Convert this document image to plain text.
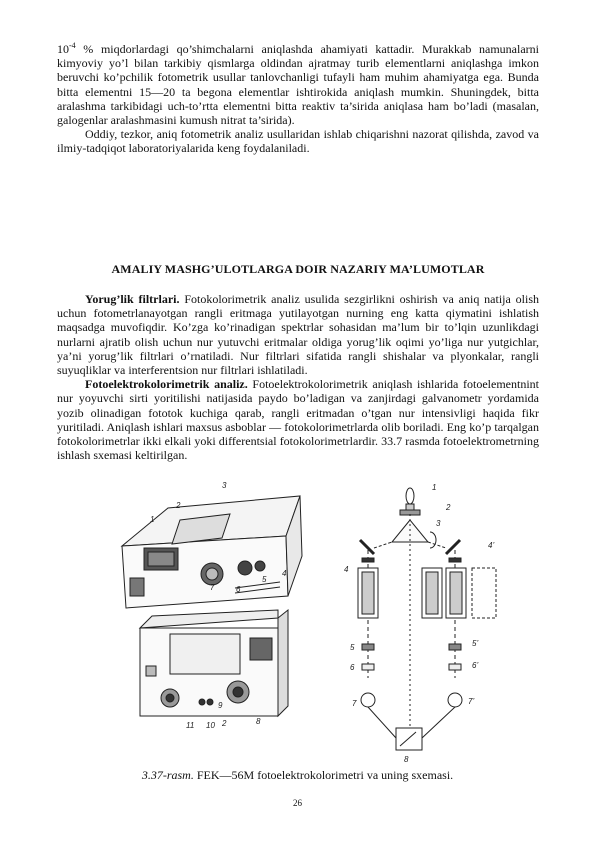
$10^{-4}$ % miqdorlardagi qo’shimchalarni aniqlashda ahamiyati kattadir. Murakkab namunalarni kimyoviy yo’l bilan tarkibiy qismlarga oldindan ajratmay turib elementlarni aniqlashga imkon beruvchi ko’pchilik fotometrik usullar tanlovchanligi tufayli ham muhim ahamiyatga ega. Bunda bitta elementni 15—20 ta begona elementlar ishtirokida aniqlash mumkin. Shuningdek, bitta aralashma tarkibidagi uch-to’rtta elementni bitta reaktiv ta’sirida aniqlasa ham bo’ladi (masalan, galogenlar aralashmasini kumush nitrat ta’sirida).

Oddiy, tezkor, aniq fotometrik analiz usullaridan ishlab chiqarishni nazorat qilishda, zavod va ilmiy-tadqiqot laboratoriyalarida keng foydalaniladi.

AMALIY MASHG’ULOTLARGA DOIR NAZARIY MA’LUMOTLAR

Yorug’lik filtrlari. Fotokolorimetrik analiz usulida sezgirlikni oshirish va aniq natija olish uchun fotometrlanayotgan rangli eritmaga yutilayotgan nurning eng katta qiymatini ishlatish maqsadga muvofiqdir. Ko’zga ko’rinadigan spektrlar sohasidan ma’lum bir to’lqin uzunlikdagi nurlarni ajratib olish uchun nur yutuvchi eritmalar oldiga yorug’lik oqimi yo’liga nur yutgichlar, ya’ni yorug’lik filtrlari o’rnatiladi. Nur filtrlari sifatida rangli shishalar va plyonkalar, rangli suyuqliklar va interferentsion nur filtrlari ishlatiladi.

Fotoelektrokolorimetrik analiz. Fotoelektrokolorimetrik aniqlash ishlarida fotoelementnint nur yoyuvchi sirti yoritilishi natijasida paydo bo’ladigan va zanjirdagi galvanometr yordamida yozib olinadigan fototok kuchiga qarab, rangli eritmadan o’tgan nur intensivligi haqida fikr yuritiladi. Aniqlash ishlari maxsus asboblar — fotokolorimetrlarda olib boriladi. Eng ko’p tarqalgan fotokolorimetrlar ikki elkali yoki differentsial fotokolorimetrlardir. 33.7 rasmda fotoelektrometrning ishlash sxemasi keltirilgan.

1
2
3
4
5
6
7
11 10
9
2	8
1
2
3
4
4’
5	5’
6	6’
7	7’
8
3.37-rasm. FEK—56M fotoelektrokolorimetri va uning sxemasi.
26
